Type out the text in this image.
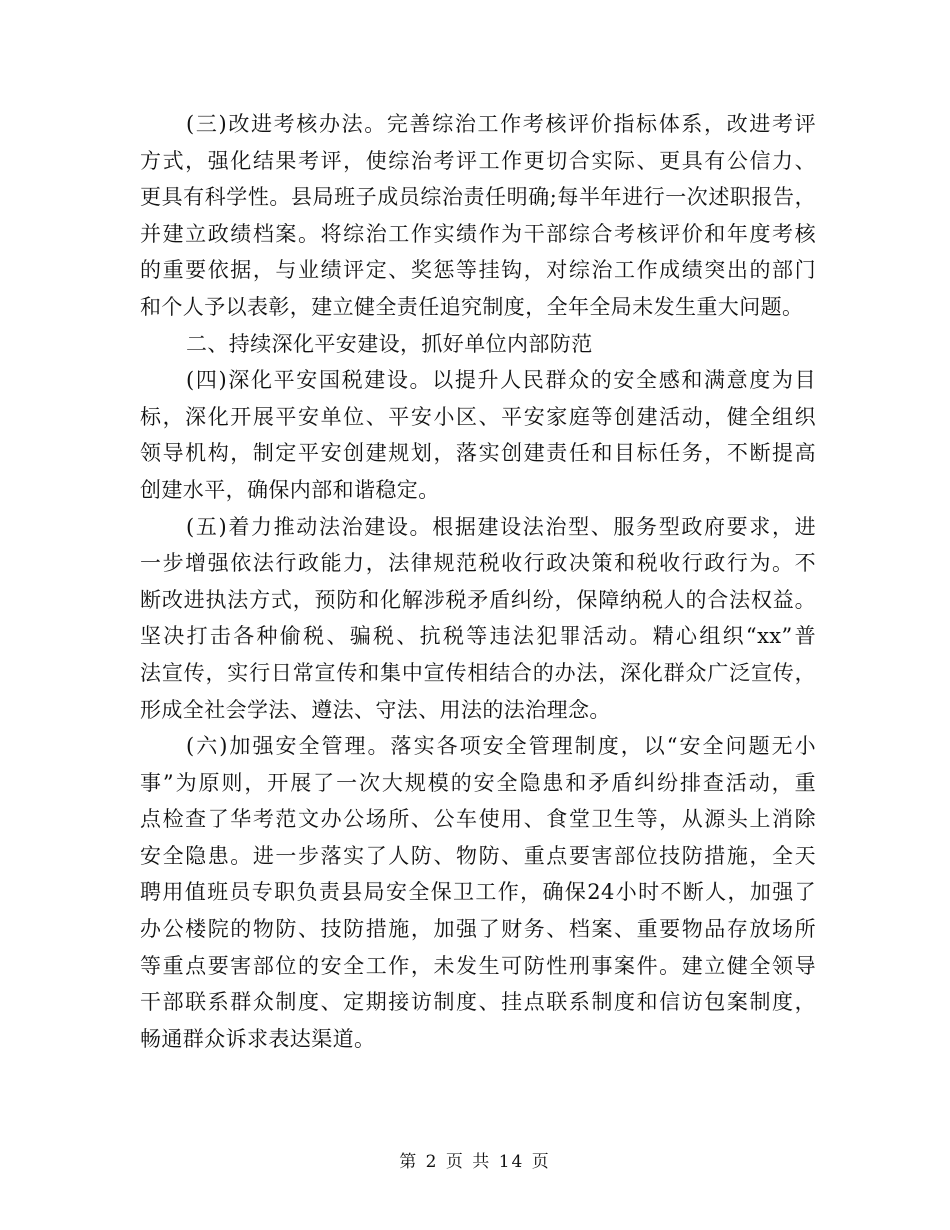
(三)改进考核办法。完善综治工作考核评价指标体系，改进考评
方式，强化结果考评，使综治考评工作更切合实际、更具有公信力、
更具有科学性。县局班子成员综治责任明确;每半年进行一次述职报告，
并建立政绩档案。将综治工作实绩作为干部综合考核评价和年度考核
的重要依据，与业绩评定、奖惩等挂钩，对综治工作成绩突出的部门
和个人予以表彰，建立健全责任追究制度，全年全局未发生重大问题。
二、持续深化平安建设，抓好单位内部防范
(四)深化平安国税建设。以提升人民群众的安全感和满意度为目
标，深化开展平安单位、平安小区、平安家庭等创建活动，健全组织
领导机构，制定平安创建规划，落实创建责任和目标任务，不断提高
创建水平，确保内部和谐稳定。
(五)着力推动法治建设。根据建设法治型、服务型政府要求，进
一步增强依法行政能力，法律规范税收行政决策和税收行政行为。不
断改进执法方式，预防和化解涉税矛盾纠纷，保障纳税人的合法权益。
坚决打击各种偷税、骗税、抗税等违法犯罪活动。精心组织“xx”普
法宣传，实行日常宣传和集中宣传相结合的办法，深化群众广泛宣传，
形成全社会学法、遵法、守法、用法的法治理念。
(六)加强安全管理。落实各项安全管理制度，以“安全问题无小
事”为原则，开展了一次大规模的安全隐患和矛盾纠纷排查活动，重
点检查了华考范文办公场所、公车使用、食堂卫生等，从源头上消除
安全隐患。进一步落实了人防、物防、重点要害部位技防措施，全天
聘用值班员专职负责县局安全保卫工作，确保24小时不断人，加强了
办公楼院的物防、技防措施，加强了财务、档案、重要物品存放场所
等重点要害部位的安全工作，未发生可防性刑事案件。建立健全领导
干部联系群众制度、定期接访制度、挂点联系制度和信访包案制度，
畅通群众诉求表达渠道。
第 2 页 共 14 页
